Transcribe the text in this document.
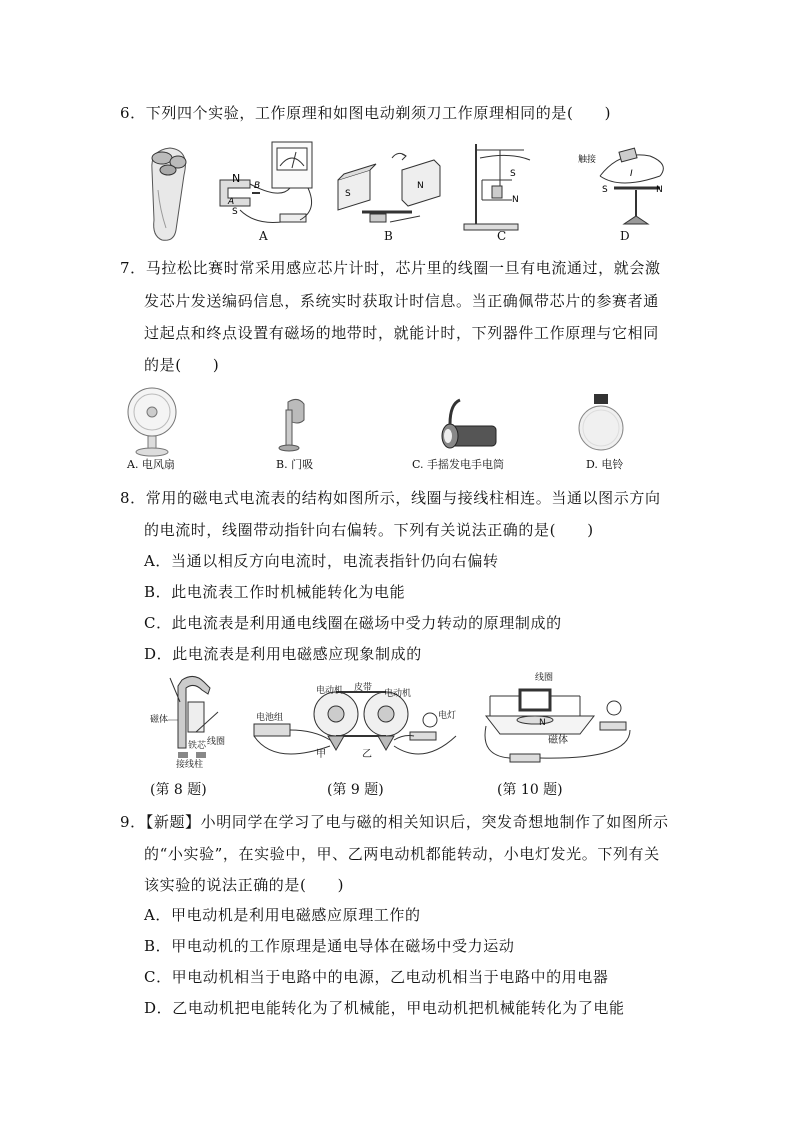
6．下列四个实验，工作原理和如图电动剃须刀工作原理相同的是(　　)
N
S
A
B
S
N
S
N
触接
I
S	N
A	B	C	D
7．马拉松比赛时常采用感应芯片计时，芯片里的线圈一旦有电流通过，就会激
发芯片发送编码信息，系统实时获取计时信息。当正确佩带芯片的参赛者通
过起点和终点设置有磁场的地带时，就能计时，下列器件工作原理与它相同
的是(　　)
A. 电风扇	B. 门吸	C. 手摇发电手电筒	D. 电铃
8．常用的磁电式电流表的结构如图所示，线圈与接线柱相连。当通以图示方向
的电流时，线圈带动指针向右偏转。下列有关说法正确的是(　　)
A．当通以相反方向电流时，电流表指针仍向右偏转
B．此电流表工作时机械能转化为电能
C．此电流表是利用通电线圈在磁场中受力转动的原理制成的
D．此电流表是利用电磁感应现象制成的
磁体
铁芯 线圈
接线柱
(第 8 题)
电动机 皮带
电动机
电池组	电灯
甲	乙
(第 9 题)
线圈
N
磁体
(第 10 题)
9．【新题】小明同学在学习了电与磁的相关知识后，突发奇想地制作了如图所示
的“小实验”，在实验中，甲、乙两电动机都能转动，小电灯发光。下列有关
该实验的说法正确的是(　　)
A．甲电动机是利用电磁感应原理工作的
B．甲电动机的工作原理是通电导体在磁场中受力运动
C．甲电动机相当于电路中的电源，乙电动机相当于电路中的用电器
D．乙电动机把电能转化为了机械能，甲电动机把机械能转化为了电能
